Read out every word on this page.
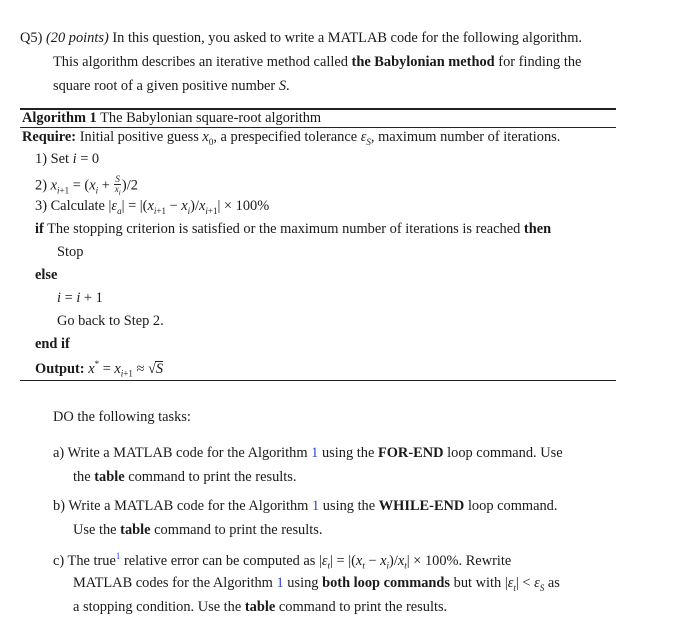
Q5) (20 points) In this question, you asked to write a MATLAB code for the following algorithm.
This algorithm describes an iterative method called the Babylonian method for finding the
square root of a given positive number S.
Algorithm 1 The Babylonian square-root algorithm
Require: Initial positive guess $x_0$, a prespecified tolerance $\varepsilon_S$, maximum number of iterations.
1) Set i = 0
2) $x_{i+1} = (x_i + \frac{S}{x_i} )/2$
3) Calculate $|\varepsilon_a| = |(x_{i+1} - x_i)/x_{i+1}| \times 100\%$
if The stopping criterion is satisfied or the maximum number of iterations is reached then
Stop
else
i = i + 1
Go back to Step 2.
end if
Output: $x^* = x_{i+1} \approx √S$
DO the following tasks:
a) Write a MATLAB code for the Algorithm 1 using the FOR-END loop command. Use
the table command to print the results.
b) Write a MATLAB code for the Algorithm 1 using the WHILE-END loop command.
Use the table command to print the results.
c) The true$^1$ relative error can be computed as $|\varepsilon_t| = |(x_t - x_i)/x_t| \times 100\%$. Rewrite
MATLAB codes for the Algorithm 1 using both loop commands but with $|\varepsilon_t| < \varepsilon_S$ as
a stopping condition. Use the table command to print the results.
